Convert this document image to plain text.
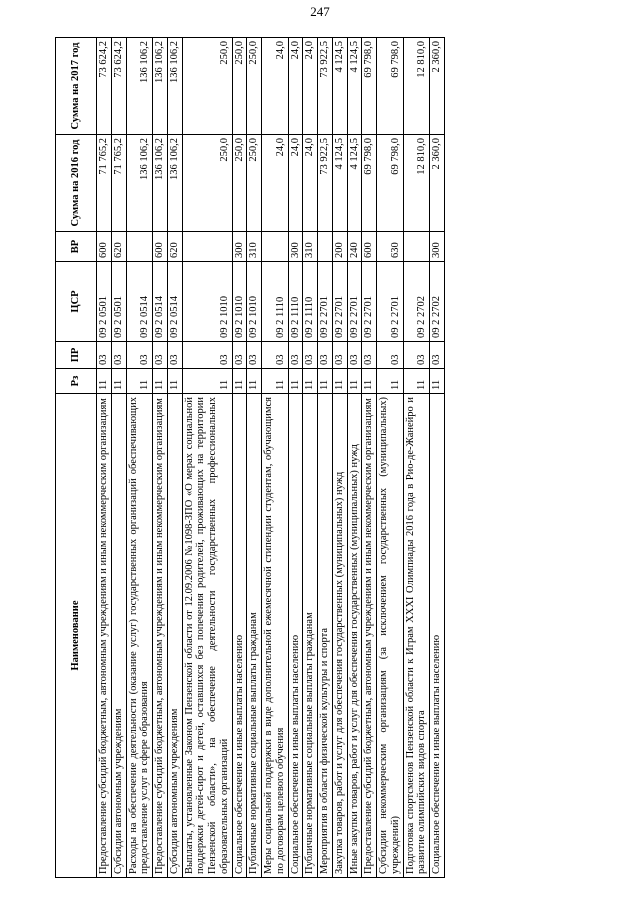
247
Наименование	Рз	ПР	ЦСР	ВР	Сумма на 2016 год	Сумма на 2017 год
Предоставление субсидий бюджетным, автономным учреждениям и иным некоммерческим организациям	11	03	09 2 0501	600	71 765,2	73 624,2
Субсидии автономным учреждениям	11	03	09 2 0501	620	71 765,2	73 624,2
Расходы на обеспечение деятельности (оказание услуг) государственных организаций обеспечивающих предоставление услуг в сфере образования	11	03	09 2 0514		136 106,2	136 106,2
Предоставление субсидий бюджетным, автономным учреждениям и иным некоммерческим организациям	11	03	09 2 0514	600	136 106,2	136 106,2
Субсидии автономным учреждениям	11	03	09 2 0514	620	136 106,2	136 106,2
Выплаты, установленные Законом Пензенской области от 12.09.2006 №1098-ЗПО «О мерах социальной поддержки детей-сирот и детей, оставшихся без попечения родителей, проживающих на территории Пензенской области», на обеспечение деятельности государственных профессиональных образовательных организаций	11	03	09 2 1010		250,0	250,0
Социальное обеспечение и иные выплаты населению	11	03	09 2 1010	300	250,0	250,0
Публичные нормативные социальные выплаты гражданам	11	03	09 2 1010	310	250,0	250,0
Меры социальной поддержки в виде дополнительной ежемесячной стипендии студентам, обучающимся по договорам целевого обучения	11	03	09 2 1110		24,0	24,0
Социальное обеспечение и иные выплаты населению	11	03	09 2 1110	300	24,0	24,0
Публичные нормативные социальные выплаты гражданам	11	03	09 2 1110	310	24,0	24,0
Мероприятия в области физической культуры и спорта	11	03	09 2 2701		73 922,5	73 922,5
Закупка товаров, работ и услуг для обеспечения государственных (муниципальных) нужд	11	03	09 2 2701	200	4 124,5	4 124,5
Иные закупки товаров, работ и услуг для обеспечения государственных (муниципальных) нужд	11	03	09 2 2701	240	4 124,5	4 124,5
Предоставление субсидий бюджетным, автономным учреждениям и иным некоммерческим организациям	11	03	09 2 2701	600	69 798,0	69 798,0
Субсидии некоммерческим организациям (за исключением государственных (муниципальных) учреждений)	11	03	09 2 2701	630	69 798,0	69 798,0
Подготовка спортсменов Пензенской области к Играм XXXI Олимпиады 2016 года в Рио-де-Жанейро и развитие олимпийских видов спорта	11	03	09 2 2702		12 810,0	12 810,0
Социальное обеспечение и иные выплаты населению	11	03	09 2 2702	300	2 360,0	2 360,0
